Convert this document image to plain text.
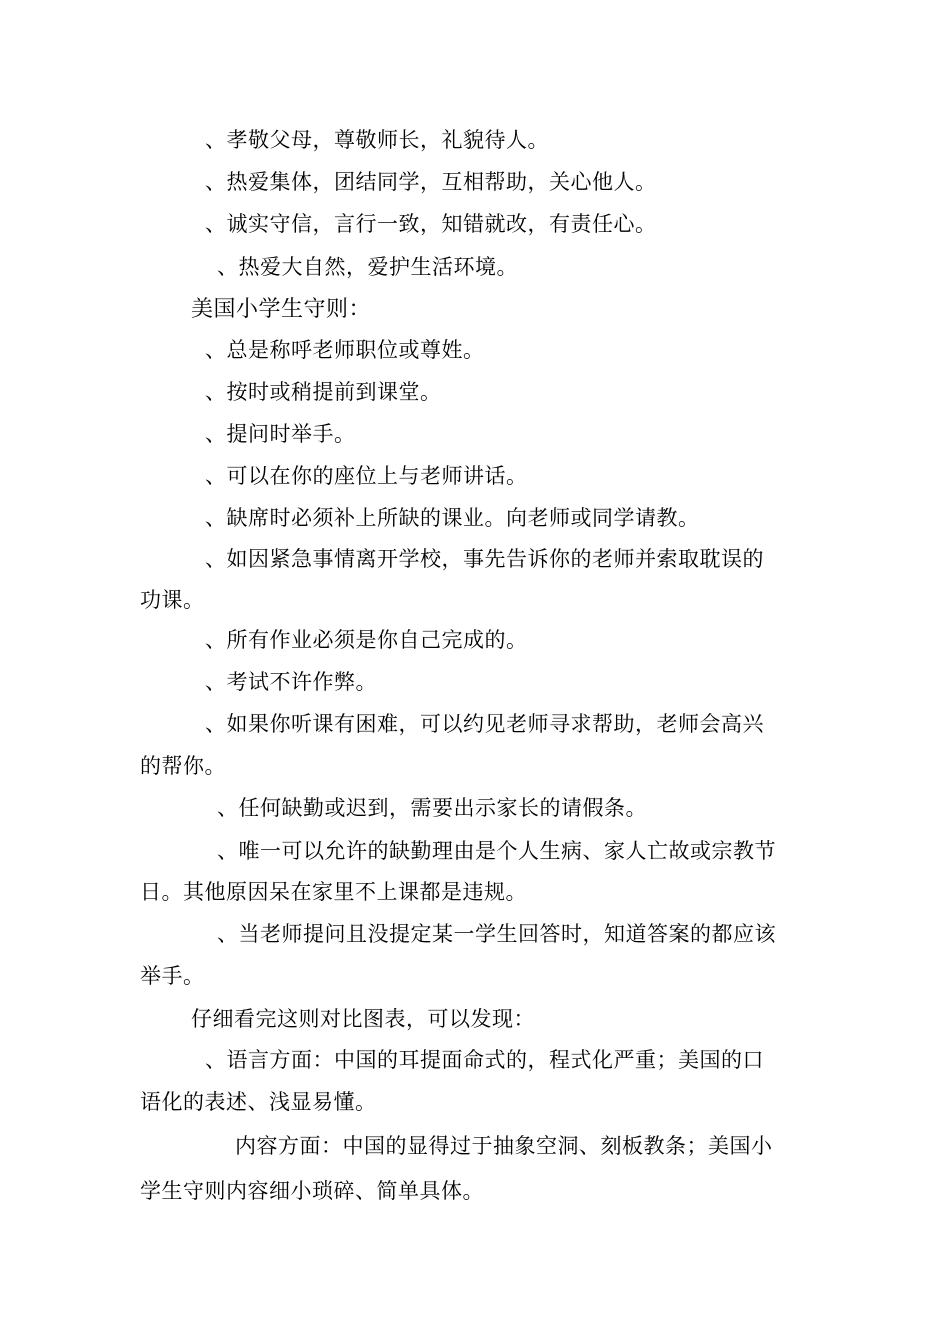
、孝敬父母，尊敬师长，礼貌待人。
、热爱集体，团结同学，互相帮助，关心他人。
、诚实守信，言行一致，知错就改，有责任心。
、热爱大自然，爱护生活环境。
美国小学生守则：
、总是称呼老师职位或尊姓。
、按时或稍提前到课堂。
、提问时举手。
、可以在你的座位上与老师讲话。
、缺席时必须补上所缺的课业。向老师或同学请教。
、如因紧急事情离开学校，事先告诉你的老师并索取耽误的
功课。
、所有作业必须是你自己完成的。
、考试不许作弊。
、如果你听课有困难，可以约见老师寻求帮助，老师会高兴
的帮你。
、任何缺勤或迟到，需要出示家长的请假条。
、唯一可以允许的缺勤理由是个人生病、家人亡故或宗教节
日。其他原因呆在家里不上课都是违规。
、当老师提问且没提定某一学生回答时，知道答案的都应该
举手。
仔细看完这则对比图表，可以发现：
、语言方面：中国的耳提面命式的，程式化严重；美国的口
语化的表述、浅显易懂。
内容方面：中国的显得过于抽象空洞、刻板教条；美国小
学生守则内容细小琐碎、简单具体。
